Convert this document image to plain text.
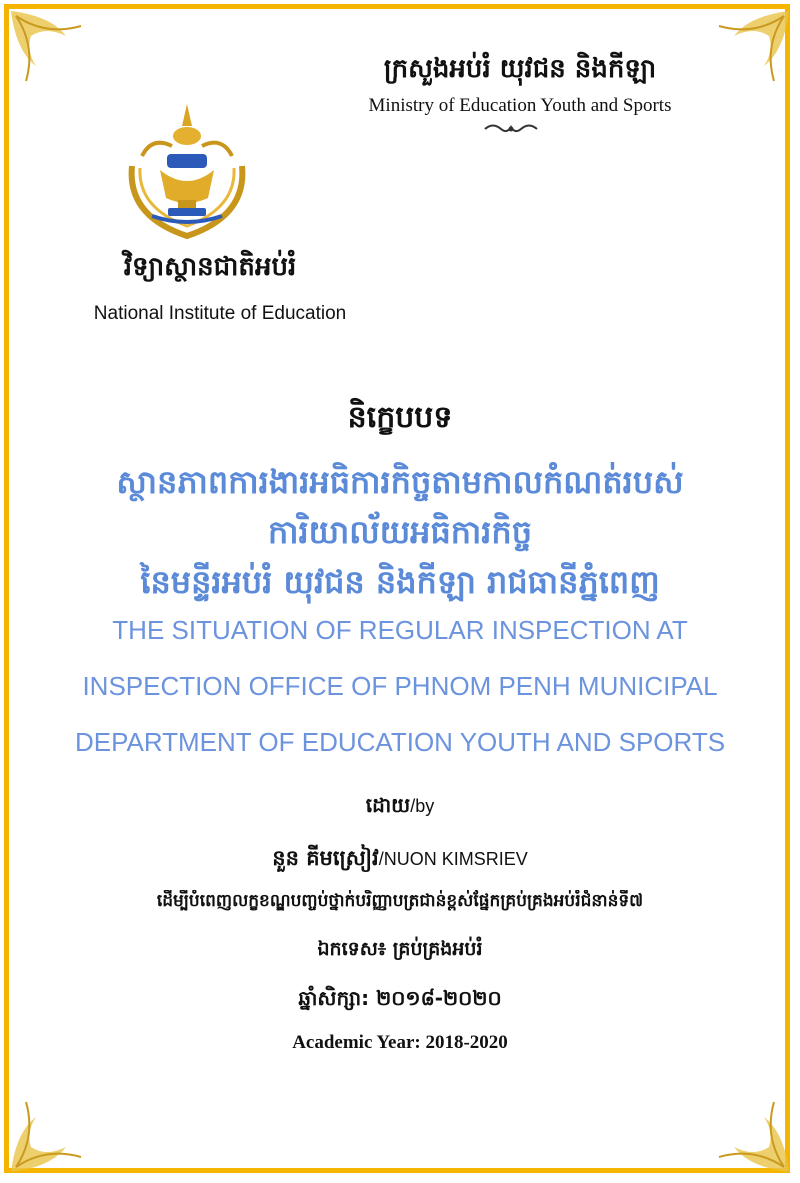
ក្រសួងអប់រំ យុវជន និងកីឡា
Ministry of Education Youth and Sports
វិទ្យាស្ថានជាតិអប់រំ
National Institute of Education
និក្ខេបបទ
ស្ថានភាពការងារអធិការកិច្ចតាមកាលកំណត់របស់
ការិយាល័យអធិការកិច្ច
នៃមន្ទីរអប់រំ យុវជន និងកីឡា រាជធានីភ្នំពេញ
THE SITUATION OF REGULAR INSPECTION AT
INSPECTION OFFICE OF PHNOM PENH MUNICIPAL
DEPARTMENT OF EDUCATION YOUTH AND SPORTS
ដោយ/by
នួន គីមស្រៀវ/NUON KIMSRIEV
ដើម្បីបំពេញលក្ខខណ្ឌបញ្ចប់ថ្នាក់បរិញ្ញាបត្រជាន់ខ្ពស់ផ្នែកគ្រប់គ្រងអប់រំជំនាន់ទី៧
ឯកទេស៖ គ្រប់គ្រងអប់រំ
ឆ្នាំសិក្សា: ២០១៨-២០២០
Academic Year: 2018-2020
